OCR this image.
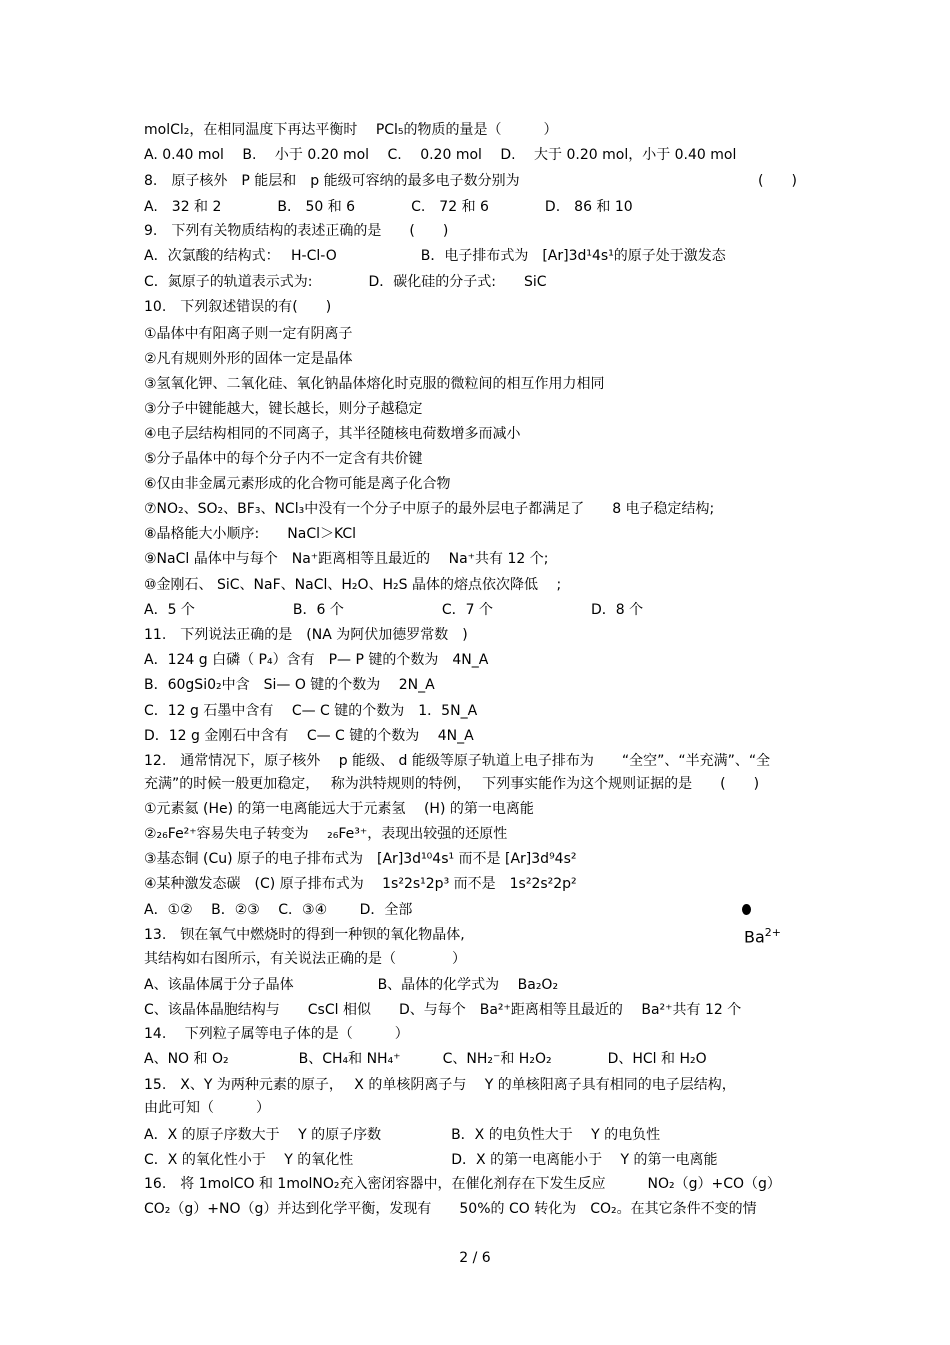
molCl₂，在相同温度下再达平衡时　 PCl₅的物质的量是（　　　）
A. 0.40 mol　 B.　 小于 0.20 mol　 C.　 0.20 mol　 D.　 大于 0.20 mol，小于 0.40 mol
8.　原子核外　P 能层和　p 能级可容纳的最多电子数分别为
A.　32 和 2　　　　B.　50 和 6　　　　C.　72 和 6　　　　D.　86 和 10
9.　下列有关物质结构的表述正确的是　　(　　)
A．次氯酸的结构式：　 H-Cl-O　　　　　　B．电子排布式为　[Ar]3d¹4s¹的原子处于激发态
C．氮原子的轨道表示式为:　　　　D．碳化硅的分子式:　　SiC
10.　下列叙述错误的有(　　)
①晶体中有阳离子则一定有阴离子
②凡有规则外形的固体一定是晶体
③氢氧化钾、二氧化硅、氧化钠晶体熔化时克服的微粒间的相互作用力相同
③分子中键能越大，键长越长，则分子越稳定
④电子层结构相同的不同离子，其半径随核电荷数增多而减小
⑤分子晶体中的每个分子内不一定含有共价键
⑥仅由非金属元素形成的化合物可能是离子化合物
⑦NO₂、SO₂、BF₃、NCl₃中没有一个分子中原子的最外层电子都满足了　　8 电子稳定结构;
⑧晶格能大小顺序:　　NaCl＞KCl
⑨NaCl 晶体中与每个　Na⁺距离相等且最近的　 Na⁺共有 12 个;
⑩金刚石、 SiC、NaF、NaCl、H₂O、H₂S 晶体的熔点依次降低　 ;
A．5 个　　　　　　　B．6 个　　　　　　　C．7 个　　　　　　　D．8 个
11.　下列说法正确的是　(NA 为阿伏加德罗常数　)
A．124 g 白磷（ P₄）含有　P— P 键的个数为　4N_A
B．60gSi0₂中含　Si— O 键的个数为　 2N_A
C．12 g 石墨中含有　 C— C 键的个数为　1．5N_A
D．12 g 金刚石中含有　 C— C 键的个数为　 4N_A
12.　通常情况下，原子核外　 p 能级、 d 能级等原子轨道上电子排布为　　“全空”、“半充满”、“全
充满”的时候一般更加稳定，　 称为洪特规则的特例，　 下列事实能作为这个规则证据的是　　(　　)
①元素氦 (He) 的第一电离能远大于元素氢　 (H) 的第一电离能
②₂₆Fe²⁺容易失电子转变为　 ₂₆Fe³⁺，表现出较强的还原性
③基态铜 (Cu) 原子的电子排布式为　[Ar]3d¹⁰4s¹ 而不是 [Ar]3d⁹4s²
④某种激发态碳　(C) 原子排布式为　 1s²2s¹2p³ 而不是　1s²2s²2p²
A．①②　 B．②③　 C．③④　　 D．全部
13.　钡在氧气中燃烧时的得到一种钡的氧化物晶体,
其结构如右图所示，有关说法正确的是（　　　　）
A、该晶体属于分子晶体　　　　　　B、晶体的化学式为　 Ba₂O₂
C、该晶体晶胞结构与　　CsCl 相似　　D、与每个　Ba²⁺距离相等且最近的　 Ba²⁺共有 12 个
14.　 下列粒子属等电子体的是（　　　）
A、NO 和 O₂　　　　　B、CH₄和 NH₄⁺　　　C、NH₂⁻和 H₂O₂　　　　D、HCl 和 H₂O
15.　X、Y 为两种元素的原子，　 X 的单核阴离子与　 Y 的单核阳离子具有相同的电子层结构，
由此可知（　　　）
A．X 的原子序数大于　 Y 的原子序数　　　　　B．X 的电负性大于　 Y 的电负性
C．X 的氧化性小于　 Y 的氧化性　　　　　　　D．X 的第一电离能小于　 Y 的第一电离能
16.　将 1molCO 和 1molNO₂充入密闭容器中，在催化剂存在下发生反应　　　NO₂（g）+CO（g）
CO₂（g）+NO（g）并达到化学平衡，发现有　　50%的 CO 转化为　CO₂。在其它条件不变的情
(　　)
$Ba^{2+}$
2 / 6
